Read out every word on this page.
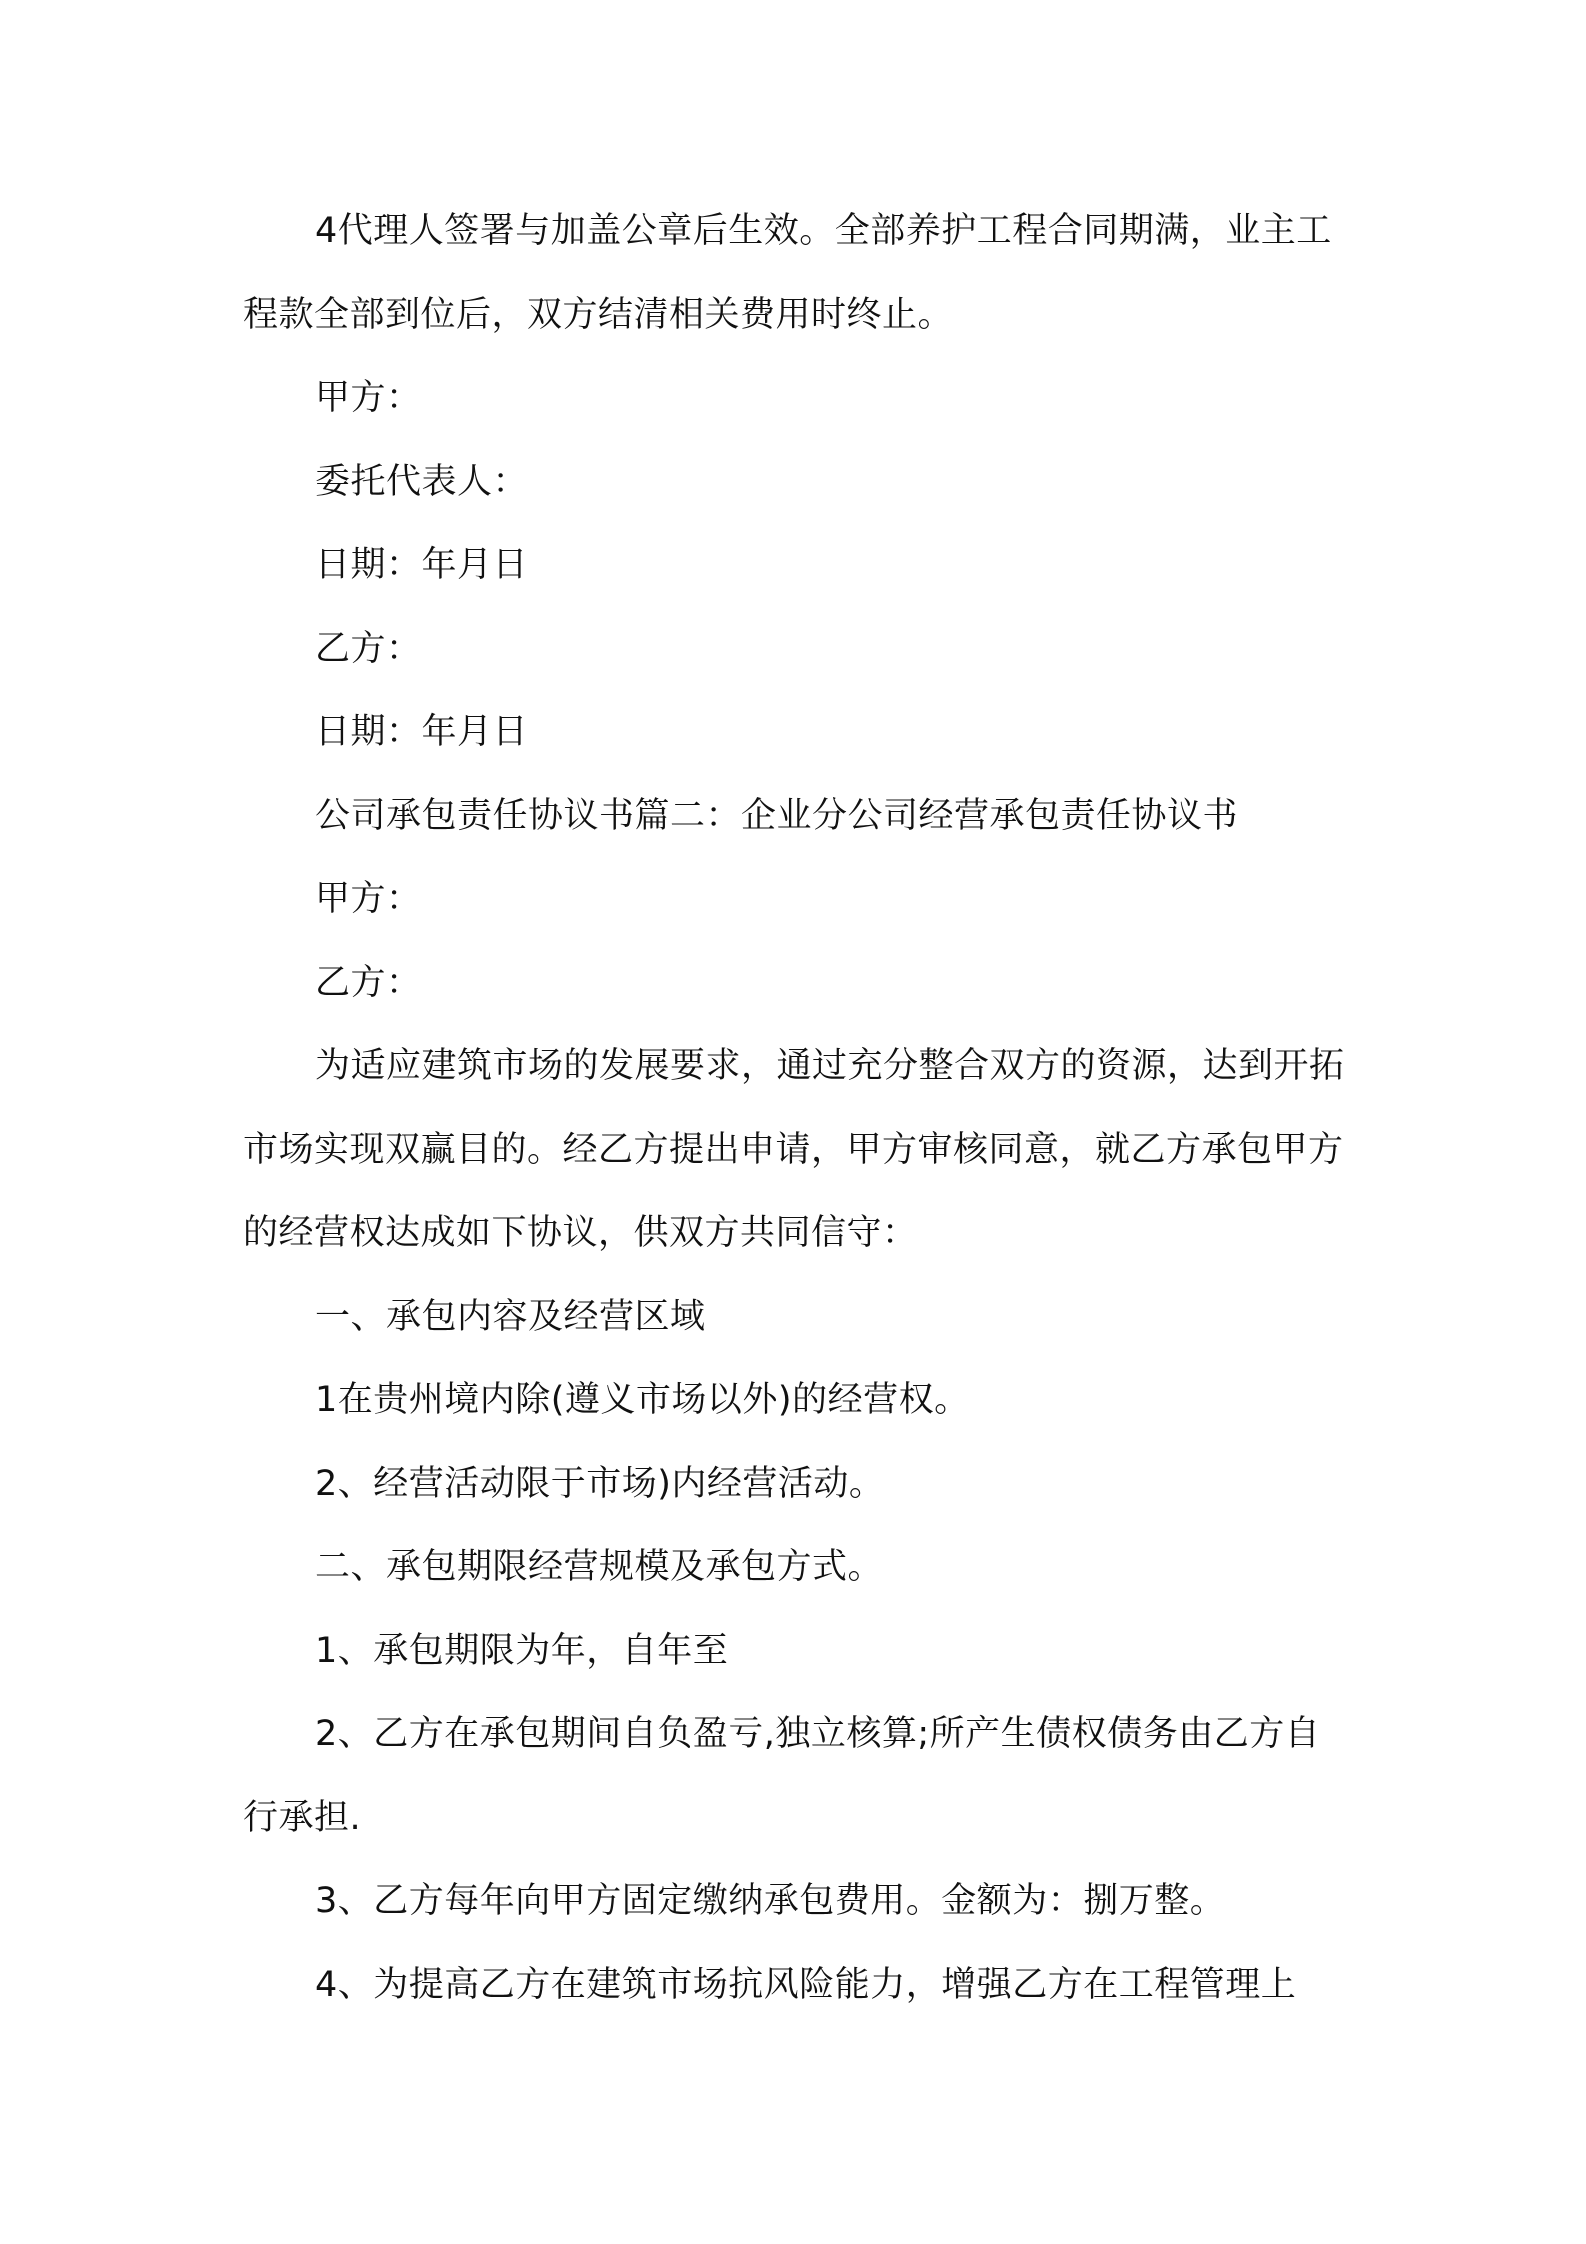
4代理人签署与加盖公章后生效。全部养护工程合同期满，业主工程款全部到位后，双方结清相关费用时终止。

甲方：

委托代表人：

日期：年月日

乙方：

日期：年月日

公司承包责任协议书篇二：企业分公司经营承包责任协议书

甲方：

乙方：

为适应建筑市场的发展要求，通过充分整合双方的资源，达到开拓市场实现双赢目的。经乙方提出申请，甲方审核同意，就乙方承包甲方的经营权达成如下协议，供双方共同信守：

一、承包内容及经营区域

1在贵州境内除(遵义市场以外)的经营权。

2、经营活动限于市场)内经营活动。

二、承包期限经营规模及承包方式。

1、承包期限为年，自年至

2、乙方在承包期间自负盈亏,独立核算;所产生债权债务由乙方自行承担.

3、乙方每年向甲方固定缴纳承包费用。金额为：捌万整。

4、为提高乙方在建筑市场抗风险能力，增强乙方在工程管理上
